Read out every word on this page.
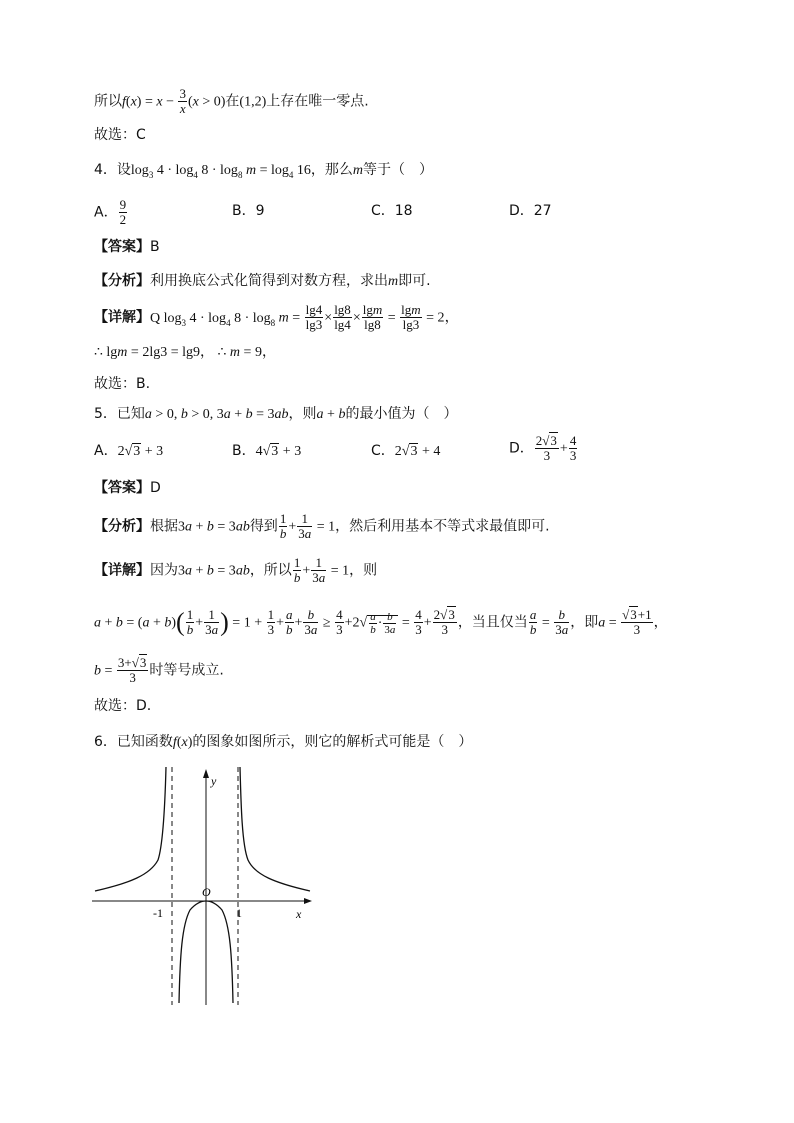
所以$f(x) = x - \frac{3}{x} (x > 0)$在(1,2)上存在唯一零点.
故选：C
4．设$\log_3 4 \cdot \log_4 8 \cdot \log_8 m = \log_4 16$，那么m等于（　）
A． $\frac{9}{2}$	B．9	C．18	D．27
【答案】B
【分析】利用换底公式化简得到对数方程，求出m即可.
【详解】Q $\log_3 4 \cdot \log_4 8 \cdot \log_8 m = \frac{\lg 4}{\lg 3} \times \frac{\lg 8}{\lg 4} \times \frac{\lg m}{\lg 8} = \frac{\lg m}{\lg 3} = 2$，
∴ lgm = 2lg3 = lg9， ∴ m = 9，
故选：B.
5．已知a > 0, b > 0, 3a + b = 3ab，则a + b的最小值为（　）
A．2√3 + 3	B．4√3 + 3	C．2√3 + 4	D． $\frac{2√3}{3} + \frac{4}{3}$
【答案】D
【分析】根据3a + b = 3ab得到 $\frac{1}{b} + \frac{1}{3a} = 1$，然后利用基本不等式求最值即可.
【详解】因为3a + b = 3ab，所以 $\frac{1}{b} + \frac{1}{3a} = 1$，则
$a + b = (a + b)( \frac{1}{b} + \frac{1}{3a}$ ) = $1 + \frac{1}{3} + \frac{a}{b} + \frac{b}{3a} \ge \frac{4}{3} +2√ \frac{a}{b} \cdot \frac{b}{3a} = \frac{4}{3} + \frac{2√3}{3}$ ，当且仅当 $\frac{a}{b} = \frac{b}{3a}$ ，即$a = \frac{√3+1}{3}$ ，
$b = \frac{3+√3}{3}$ 时等号成立.
故选：D.
6．已知函数f(x)的图象如图所示，则它的解析式可能是（　）
y
x
O
-1	1
